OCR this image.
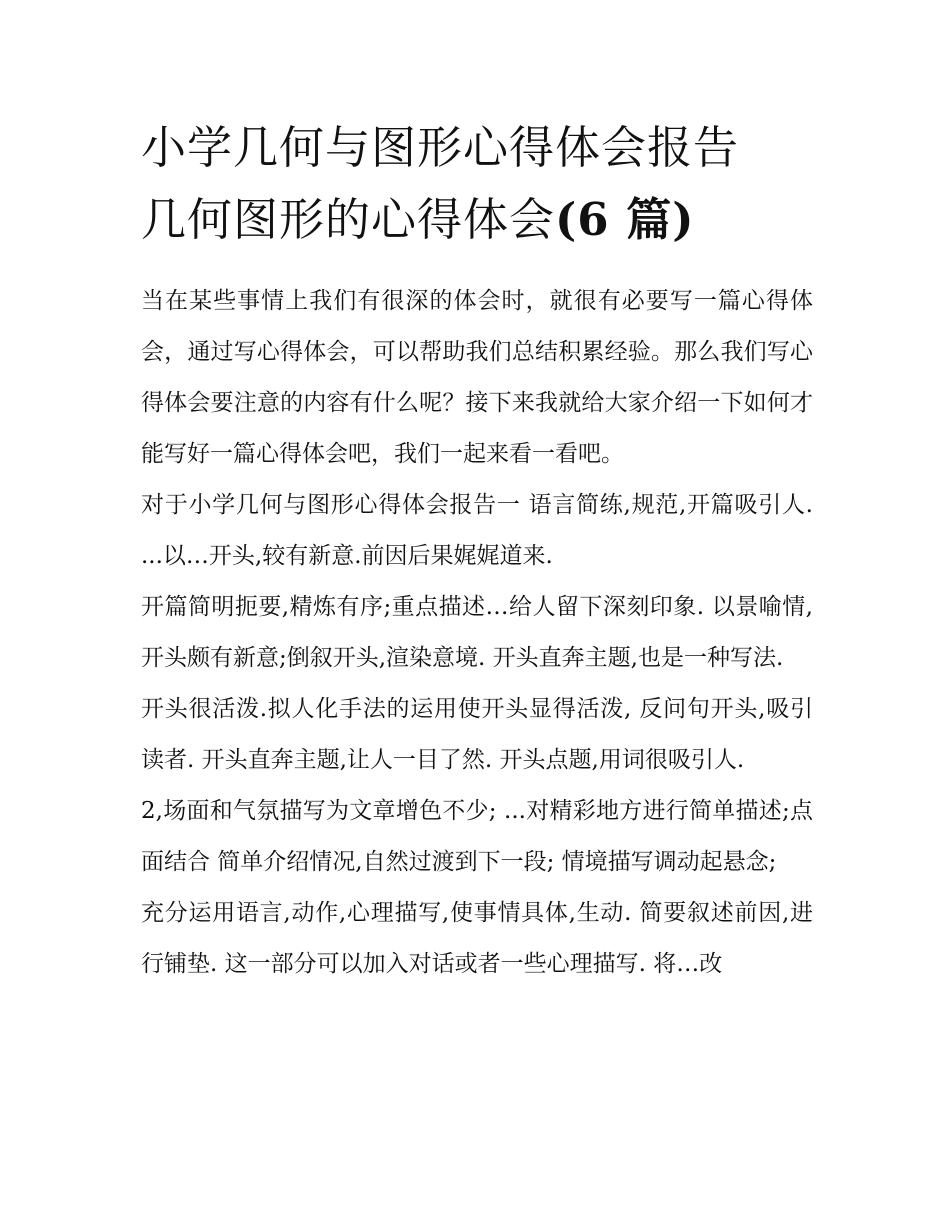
小学几何与图形心得体会报告
几何图形的心得体会(6 篇)

当在某些事情上我们有很深的体会时，就很有必要写一篇心得体会，通过写心得体会，可以帮助我们总结积累经验。那么我们写心得体会要注意的内容有什么呢？接下来我就给大家介绍一下如何才能写好一篇心得体会吧，我们一起来看一看吧。

对于小学几何与图形心得体会报告一 语言简练,规范,开篇吸引人. ...以…开头,较有新意.前因后果娓娓道来.

开篇简明扼要,精炼有序;重点描述…给人留下深刻印象. 以景喻情,开头颇有新意;倒叙开头,渲染意境. 开头直奔主题,也是一种写法.

开头很活泼.拟人化手法的运用使开头显得活泼, 反问句开头,吸引读者. 开头直奔主题,让人一目了然. 开头点题,用词很吸引人.

2,场面和气氛描写为文章增色不少; ...对精彩地方进行简单描述;点面结合 简单介绍情况,自然过渡到下一段; 情境描写调动起悬念;

充分运用语言,动作,心理描写,使事情具体,生动. 简要叙述前因,进行铺垫. 这一部分可以加入对话或者一些心理描写. 将…改
